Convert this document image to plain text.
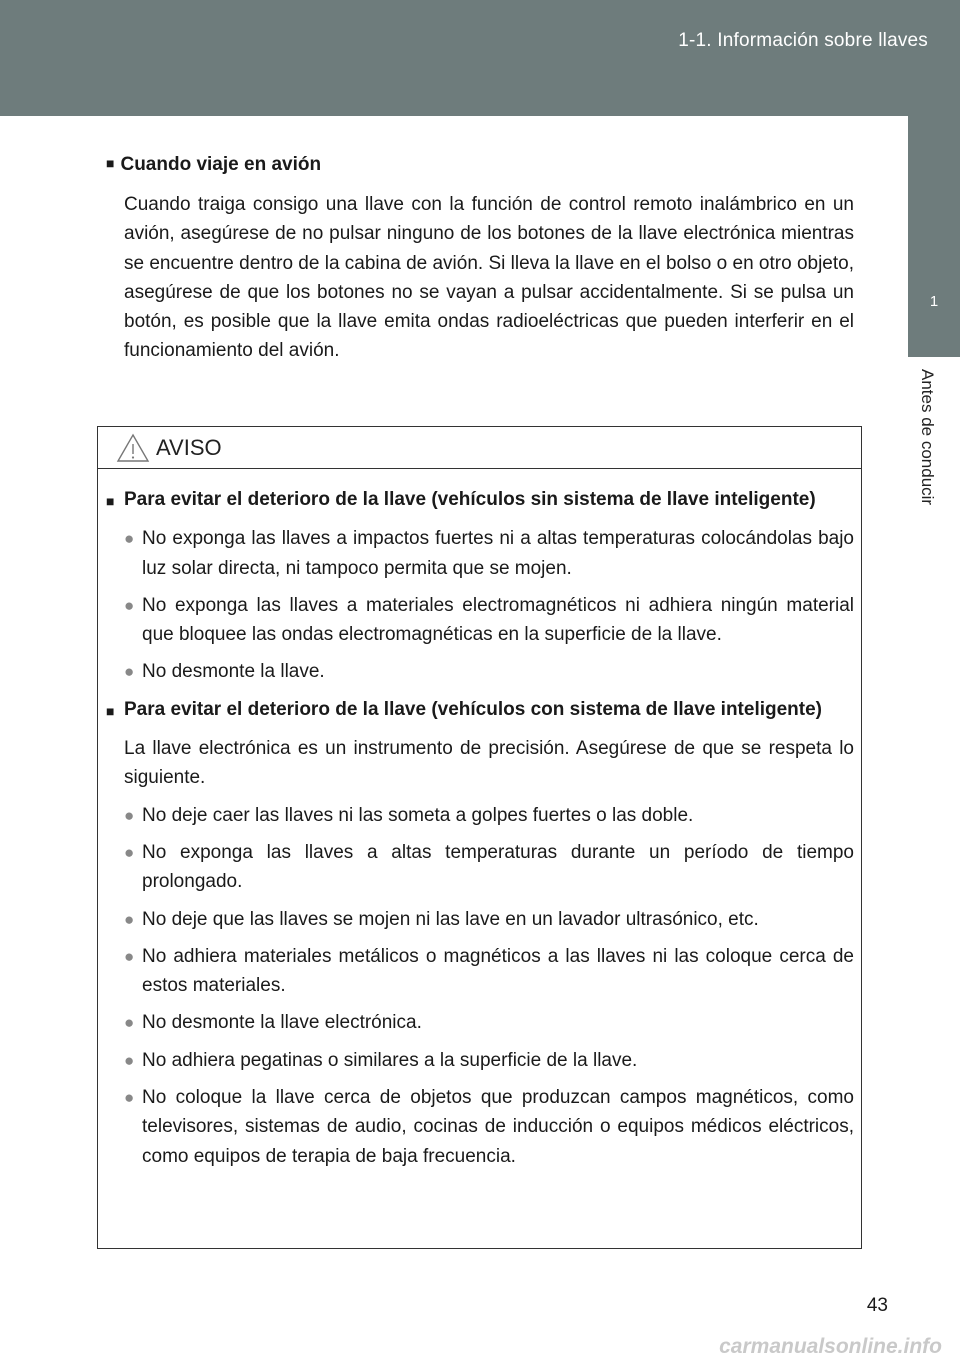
1-1. Información sobre llaves
1
Antes de conducir
■ Cuando viaje en avión
Cuando traiga consigo una llave con la función de control remoto inalámbrico en un avión, asegúrese de no pulsar ninguno de los botones de la llave electrónica mientras se encuentre dentro de la cabina de avión. Si lleva la llave en el bolso o en otro objeto, asegúrese de que los botones no se vayan a pulsar accidentalmente. Si se pulsa un botón, es posible que la llave emita ondas radioeléctricas que pueden interferir en el funcionamiento del avión.
AVISO
■ Para evitar el deterioro de la llave (vehículos sin sistema de llave inteligente)
● No exponga las llaves a impactos fuertes ni a altas temperaturas colocándolas bajo luz solar directa, ni tampoco permita que se mojen.
● No exponga las llaves a materiales electromagnéticos ni adhiera ningún material que bloquee las ondas electromagnéticas en la superficie de la llave.
● No desmonte la llave.
■ Para evitar el deterioro de la llave (vehículos con sistema de llave inteligente)
La llave electrónica es un instrumento de precisión. Asegúrese de que se respeta lo siguiente.
● No deje caer las llaves ni las someta a golpes fuertes o las doble.
● No exponga las llaves a altas temperaturas durante un período de tiempo prolongado.
● No deje que las llaves se mojen ni las lave en un lavador ultrasónico, etc.
● No adhiera materiales metálicos o magnéticos a las llaves ni las coloque cerca de estos materiales.
● No desmonte la llave electrónica.
● No adhiera pegatinas o similares a la superficie de la llave.
● No coloque la llave cerca de objetos que produzcan campos magnéticos, como televisores, sistemas de audio, cocinas de inducción o equipos médicos eléctricos, como equipos de terapia de baja frecuencia.
43
carmanualsonline.info
